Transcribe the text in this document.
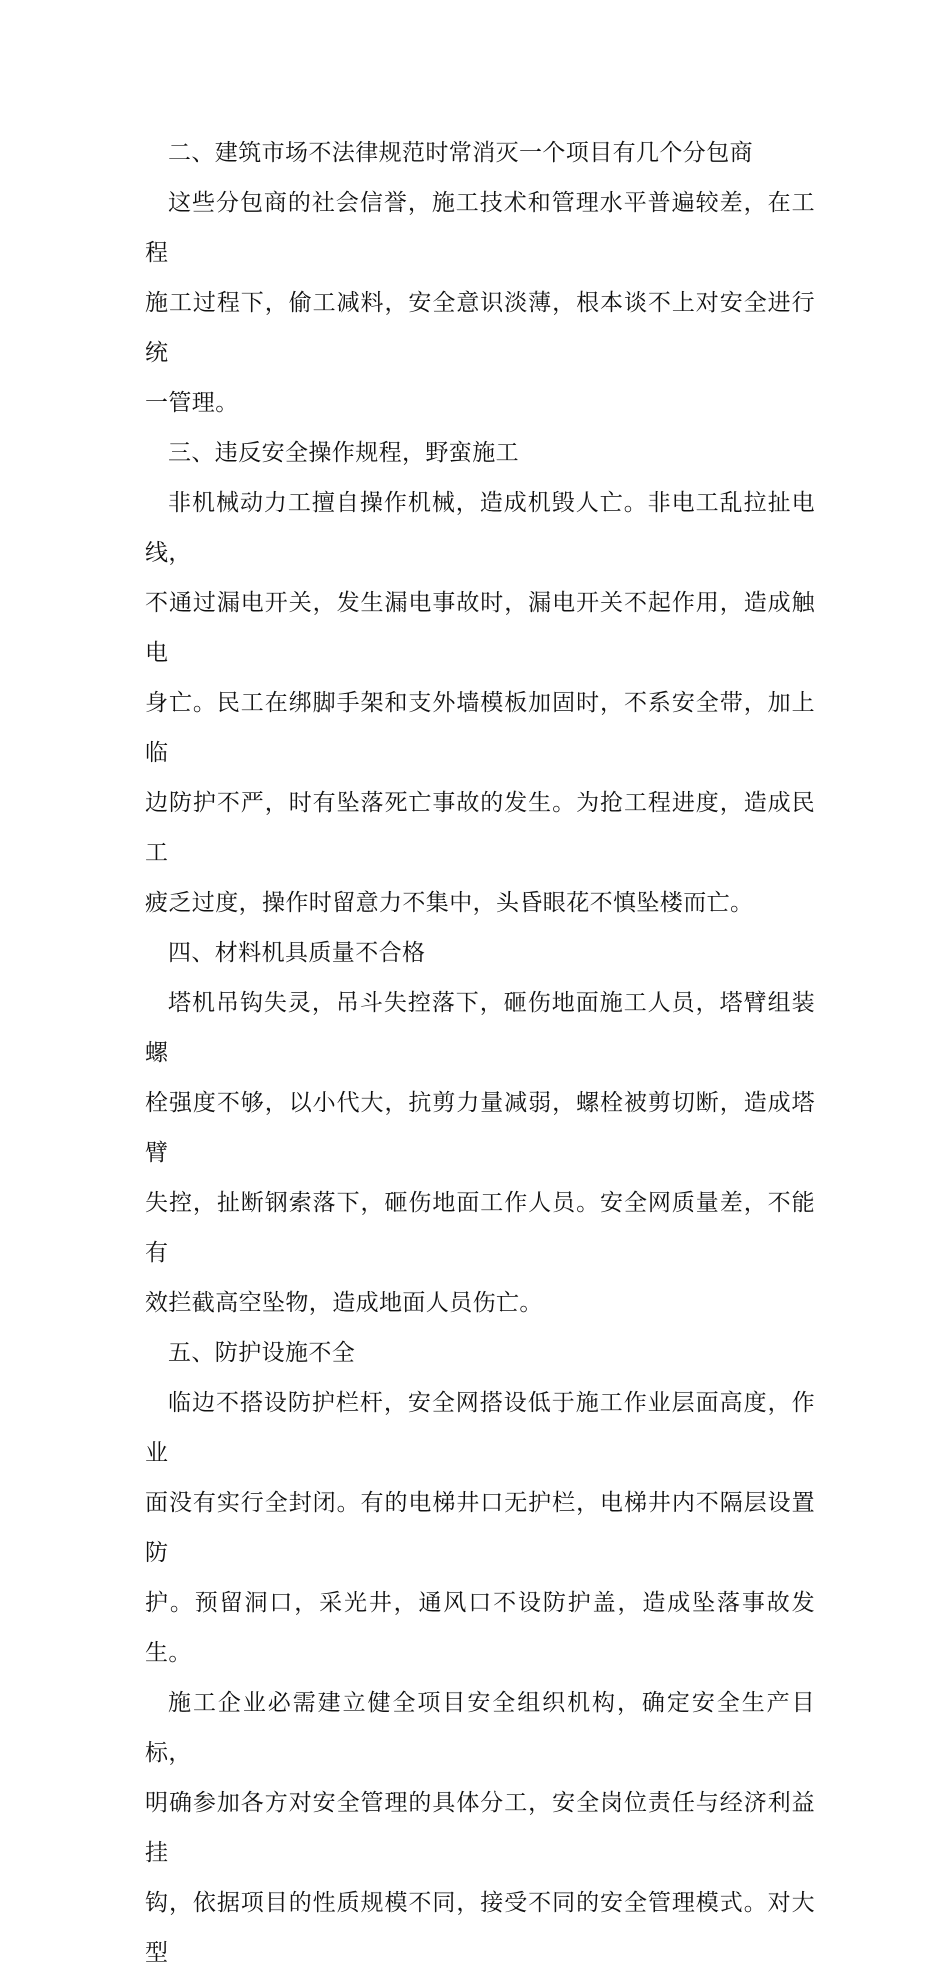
二、建筑市场不法律规范时常消灭一个项目有几个分包商

这些分包商的社会信誉，施工技术和管理水平普遍较差，在工程
施工过程下，偷工减料，安全意识淡薄，根本谈不上对安全进行统
一管理。

三、违反安全操作规程，野蛮施工

非机械动力工擅自操作机械，造成机毁人亡。非电工乱拉扯电线，
不通过漏电开关，发生漏电事故时，漏电开关不起作用，造成触电
身亡。民工在绑脚手架和支外墙模板加固时，不系安全带，加上临
边防护不严，时有坠落死亡事故的发生。为抢工程进度，造成民工
疲乏过度，操作时留意力不集中，头昏眼花不慎坠楼而亡。

四、材料机具质量不合格

塔机吊钩失灵，吊斗失控落下，砸伤地面施工人员，塔臂组装螺
栓强度不够，以小代大，抗剪力量减弱，螺栓被剪切断，造成塔臂
失控，扯断钢索落下，砸伤地面工作人员。安全网质量差，不能有
效拦截高空坠物，造成地面人员伤亡。

五、防护设施不全

临边不搭设防护栏杆，安全网搭设低于施工作业层面高度，作业
面没有实行全封闭。有的电梯井口无护栏，电梯井内不隔层设置防
护。预留洞口，采光井，通风口不设防护盖，造成坠落事故发生。

施工企业必需建立健全项目安全组织机构，确定安全生产目标，
明确参加各方对安全管理的具体分工，安全岗位责任与经济利益挂
钩，依据项目的性质规模不同，接受不同的安全管理模式。对大型
